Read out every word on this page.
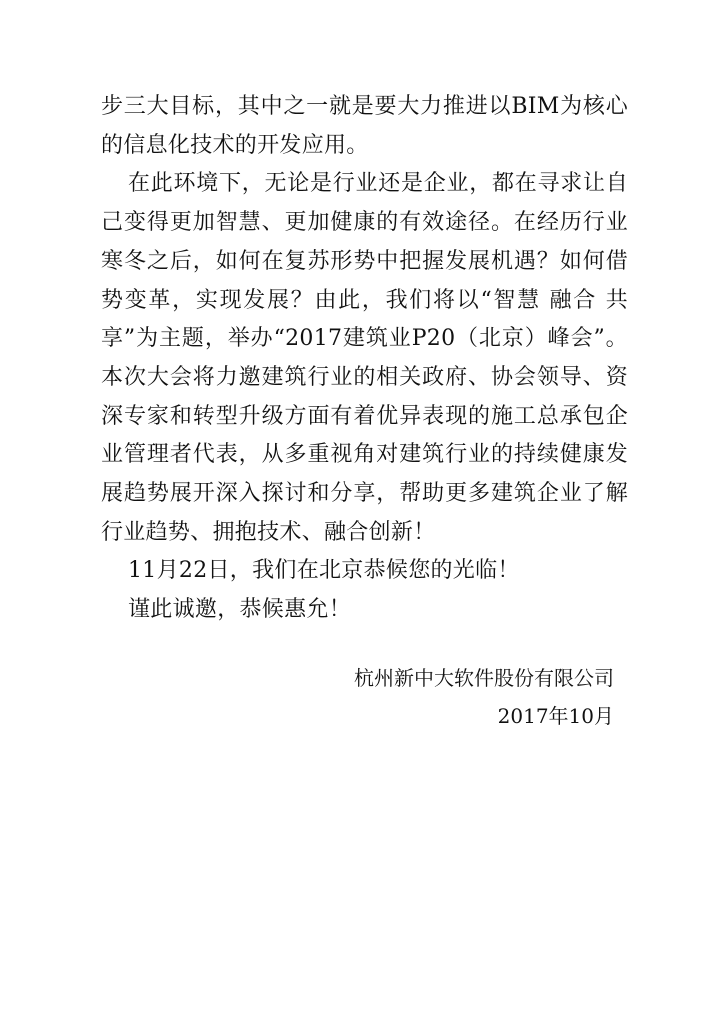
步三大目标，其中之一就是要大力推进以BIM为核心的信息化技术的开发应用。

在此环境下，无论是行业还是企业，都在寻求让自己变得更加智慧、更加健康的有效途径。在经历行业寒冬之后，如何在复苏形势中把握发展机遇？如何借势变革，实现发展？由此，我们将以“智慧 融合 共享”为主题，举办“2017建筑业P20（北京）峰会”。本次大会将力邀建筑行业的相关政府、协会领导、资深专家和转型升级方面有着优异表现的施工总承包企业管理者代表，从多重视角对建筑行业的持续健康发展趋势展开深入探讨和分享，帮助更多建筑企业了解行业趋势、拥抱技术、融合创新！

11月22日，我们在北京恭候您的光临！

谨此诚邀，恭候惠允！

杭州新中大软件股份有限公司
2017年10月
